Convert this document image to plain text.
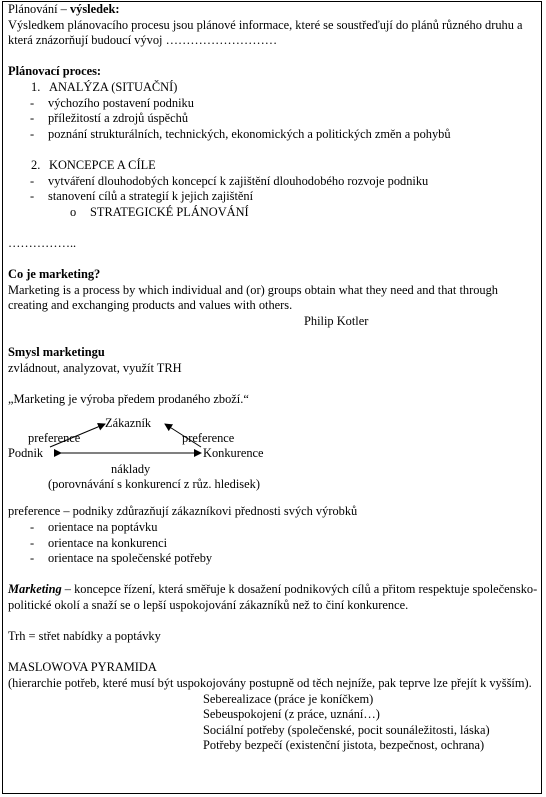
Plánování – výsledek:

Výsledkem plánovacího procesu jsou plánové informace, které se soustřeďují do plánů různého druhu a která znázorňují budoucí vývoj ………………………

Plánovací proces:

1. ANALÝZA (SITUAČNÍ)

- výchozího postavení podniku

- příležitostí a zdrojů úspěchů

- poznání strukturálních, technických, ekonomických a politických změn a pohybů

2. KONCEPCE A CÍLE

- vytváření dlouhodobých koncepcí k zajištění dlouhodobého rozvoje podniku

- stanovení cílů a strategií k jejich zajištění

o STRATEGICKÉ PLÁNOVÁNÍ

……………..

Co je marketing?

Marketing is a process by which individual and (or) groups obtain what they need and that through creating and exchanging products and values with others.

Philip Kotler

Smysl marketingu

zvládnout, analyzovat, využít TRH

„Marketing je výroba předem prodaného zboží.“

Zákazník
preference	preference
Podnik	Konkurence
náklady
(porovnávání s konkurencí z růz. hledisek)

preference – podniky zdůrazňují zákazníkovi přednosti svých výrobků

- orientace na poptávku

- orientace na konkurenci

- orientace na společenské potřeby

Marketing – koncepce řízení, která směřuje k dosažení podnikových cílů a přitom respektuje společensko-politické okolí a snaží se o lepší uspokojování zákazníků než to činí konkurence.

Trh = střet nabídky a poptávky

MASLOWOVA PYRAMIDA

(hierarchie potřeb, které musí být uspokojovány postupně od těch nejníže, pak teprve lze přejít k vyšším).

Seberealizace (práce je koníčkem)

Sebeuspokojení (z práce, uznání…)

Sociální potřeby (společenské, pocit sounáležitosti, láska)

Potřeby bezpečí (existenční jistota, bezpečnost, ochrana)
